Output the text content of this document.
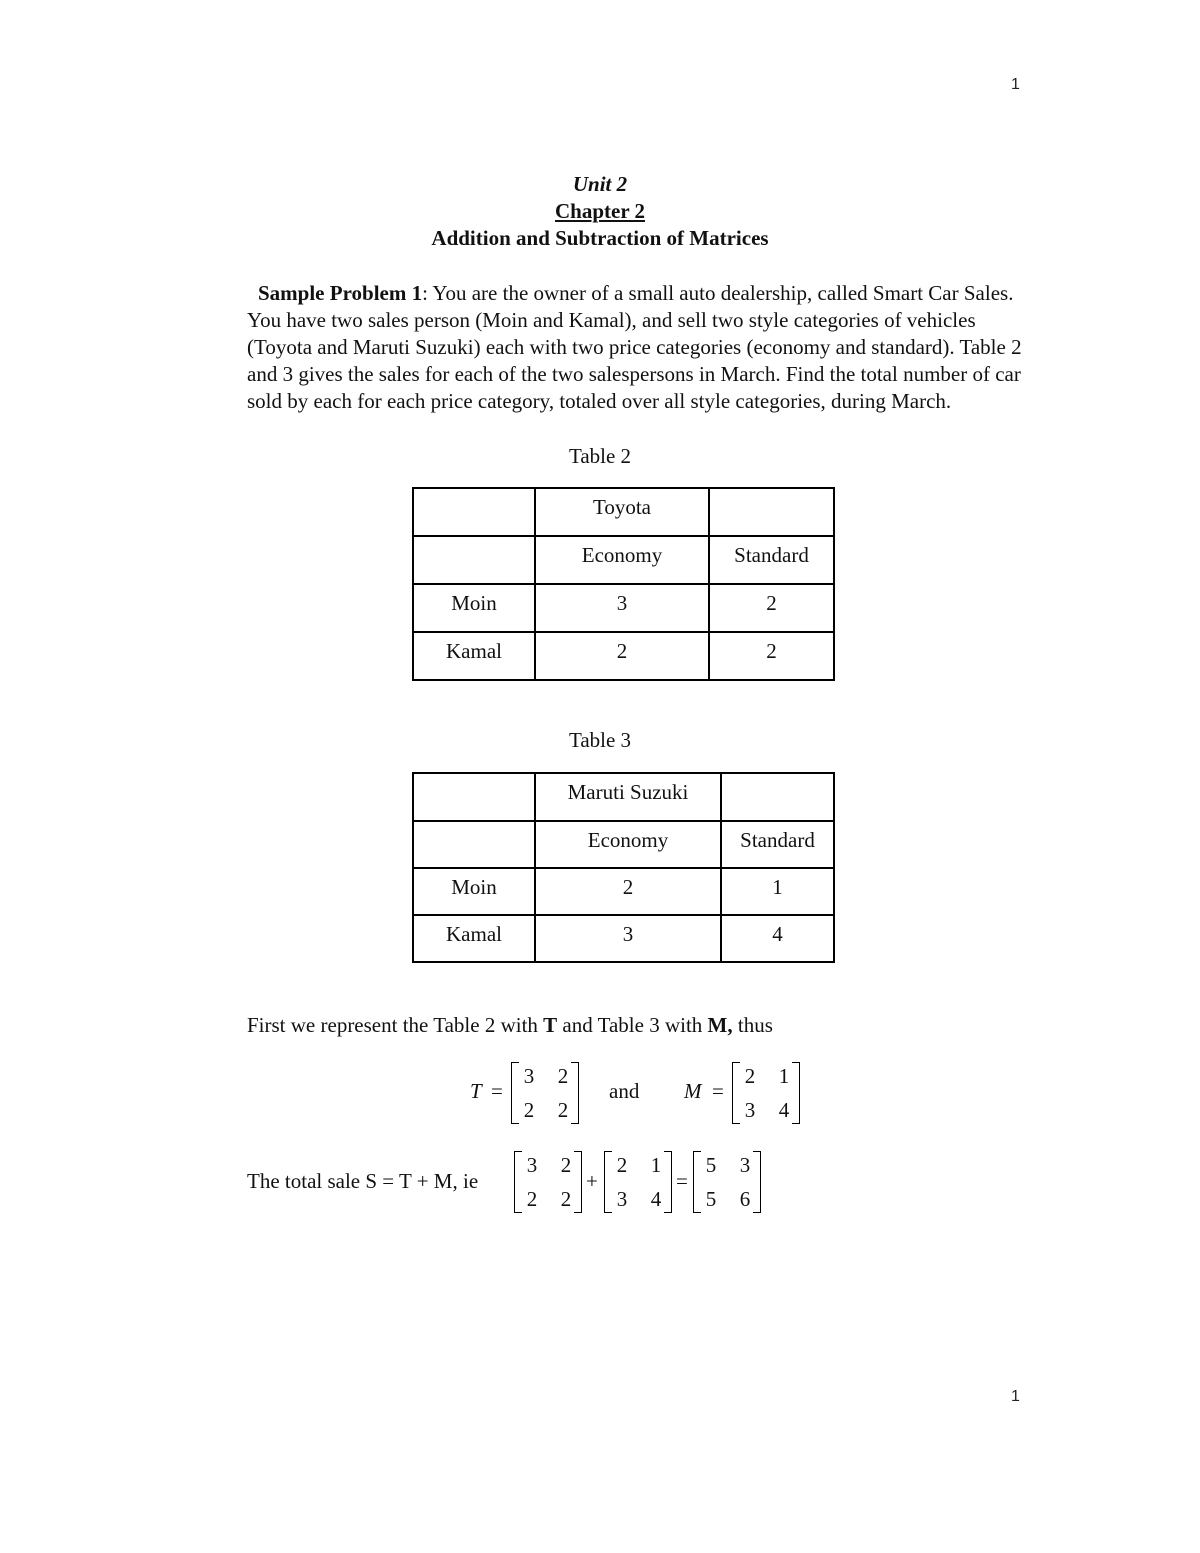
1
1
Unit 2
Chapter 2
Addition and Subtraction of Matrices
Sample Problem 1: You are the owner of a small auto dealership, called Smart Car Sales. You have two sales person (Moin and Kamal), and sell two style categories of vehicles (Toyota and Maruti Suzuki) each with two price categories (economy and standard). Table 2 and 3 gives the sales for each of the two salespersons in March. Find the total number of car sold by each for each price category, totaled over all style categories, during March.
Table 2
	Toyota	
	Economy	Standard
Moin	3	2
Kamal	2	2
Table 3
	Maruti Suzuki	
	Economy	Standard
Moin	2	1
Kamal	3	4
First we represent the Table 2 with T and Table 3 with M, thus
T =
3 2
2 2
and M =
2 1
3 4
The total sale S = T + M, ie
3 2
2 2
+
2 1
3 4
=
5 3
5 6
